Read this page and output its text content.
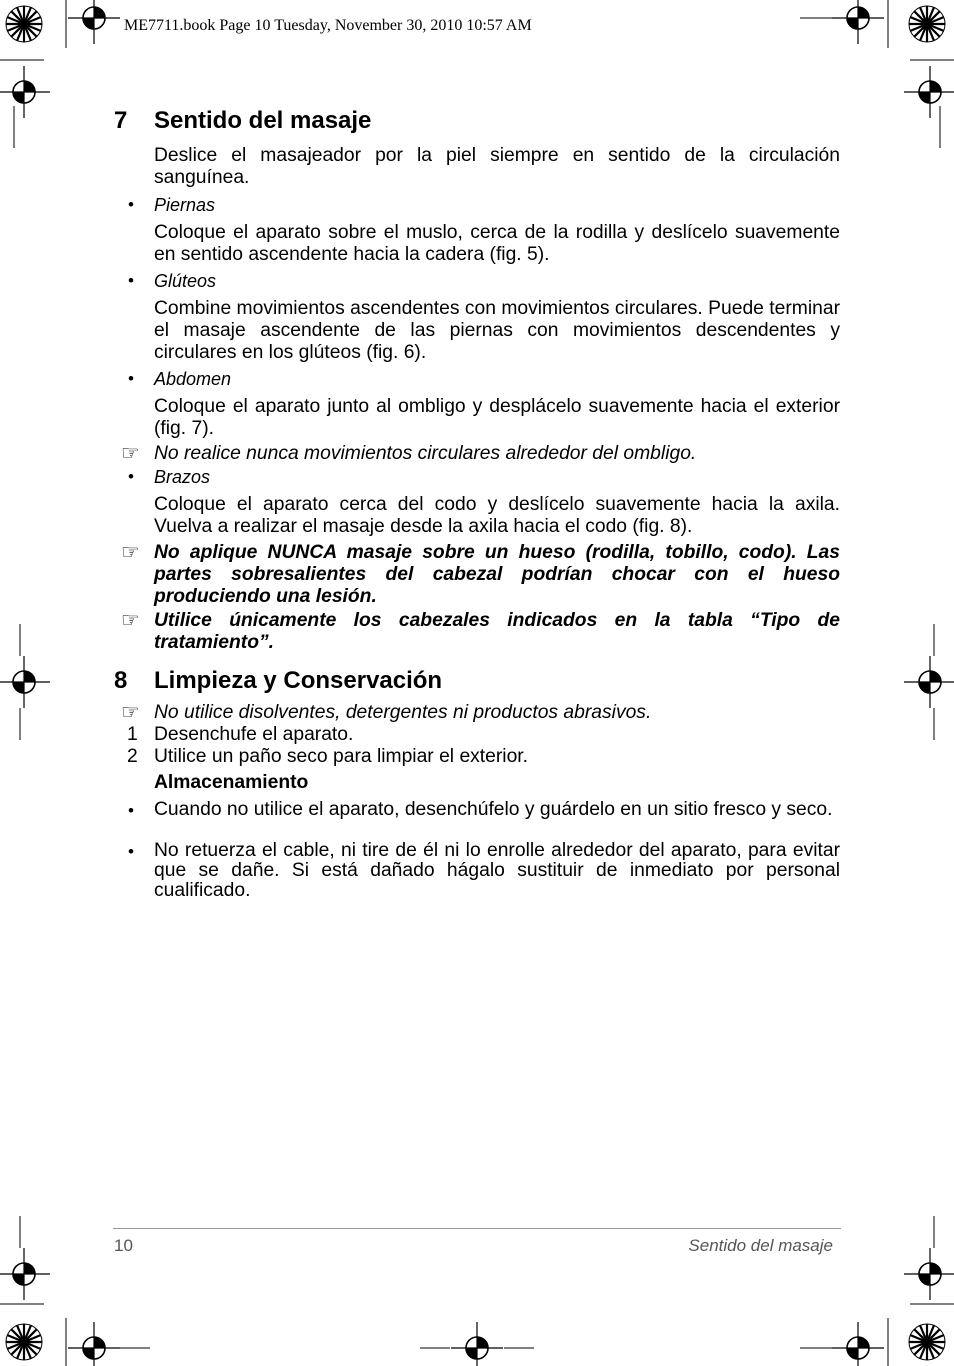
ME7711.book Page 10 Tuesday, November 30, 2010 10:57 AM
7 Sentido del masaje
Deslice el masajeador por la piel siempre en sentido de la circulación sanguínea.
• Piernas
Coloque el aparato sobre el muslo, cerca de la rodilla y deslícelo suavemente en sentido ascendente hacia la cadera (fig. 5).
• Glúteos
Combine movimientos ascendentes con movimientos circulares. Puede terminar el masaje ascendente de las piernas con movimientos descendentes y circulares en los glúteos (fig. 6).
• Abdomen
Coloque el aparato junto al ombligo y desplácelo suavemente hacia el exterior (fig. 7).
☞ No realice nunca movimientos circulares alrededor del ombligo.
• Brazos
Coloque el aparato cerca del codo y deslícelo suavemente hacia la axila. Vuelva a realizar el masaje desde la axila hacia el codo (fig. 8).
☞ No aplique NUNCA masaje sobre un hueso (rodilla, tobillo, codo). Las partes sobresalientes del cabezal podrían chocar con el hueso produciendo una lesión.
☞ Utilice únicamente los cabezales indicados en la tabla “Tipo de tratamiento”.
8 Limpieza y Conservación
☞ No utilice disolventes, detergentes ni productos abrasivos.
1 Desenchufe el aparato.
2 Utilice un paño seco para limpiar el exterior.
Almacenamiento
• Cuando no utilice el aparato, desenchúfelo y guárdelo en un sitio fresco y seco.
• No retuerza el cable, ni tire de él ni lo enrolle alrededor del aparato, para evitar que se dañe. Si está dañado hágalo sustituir de inmediato por personal cualificado.
10	Sentido del masaje
